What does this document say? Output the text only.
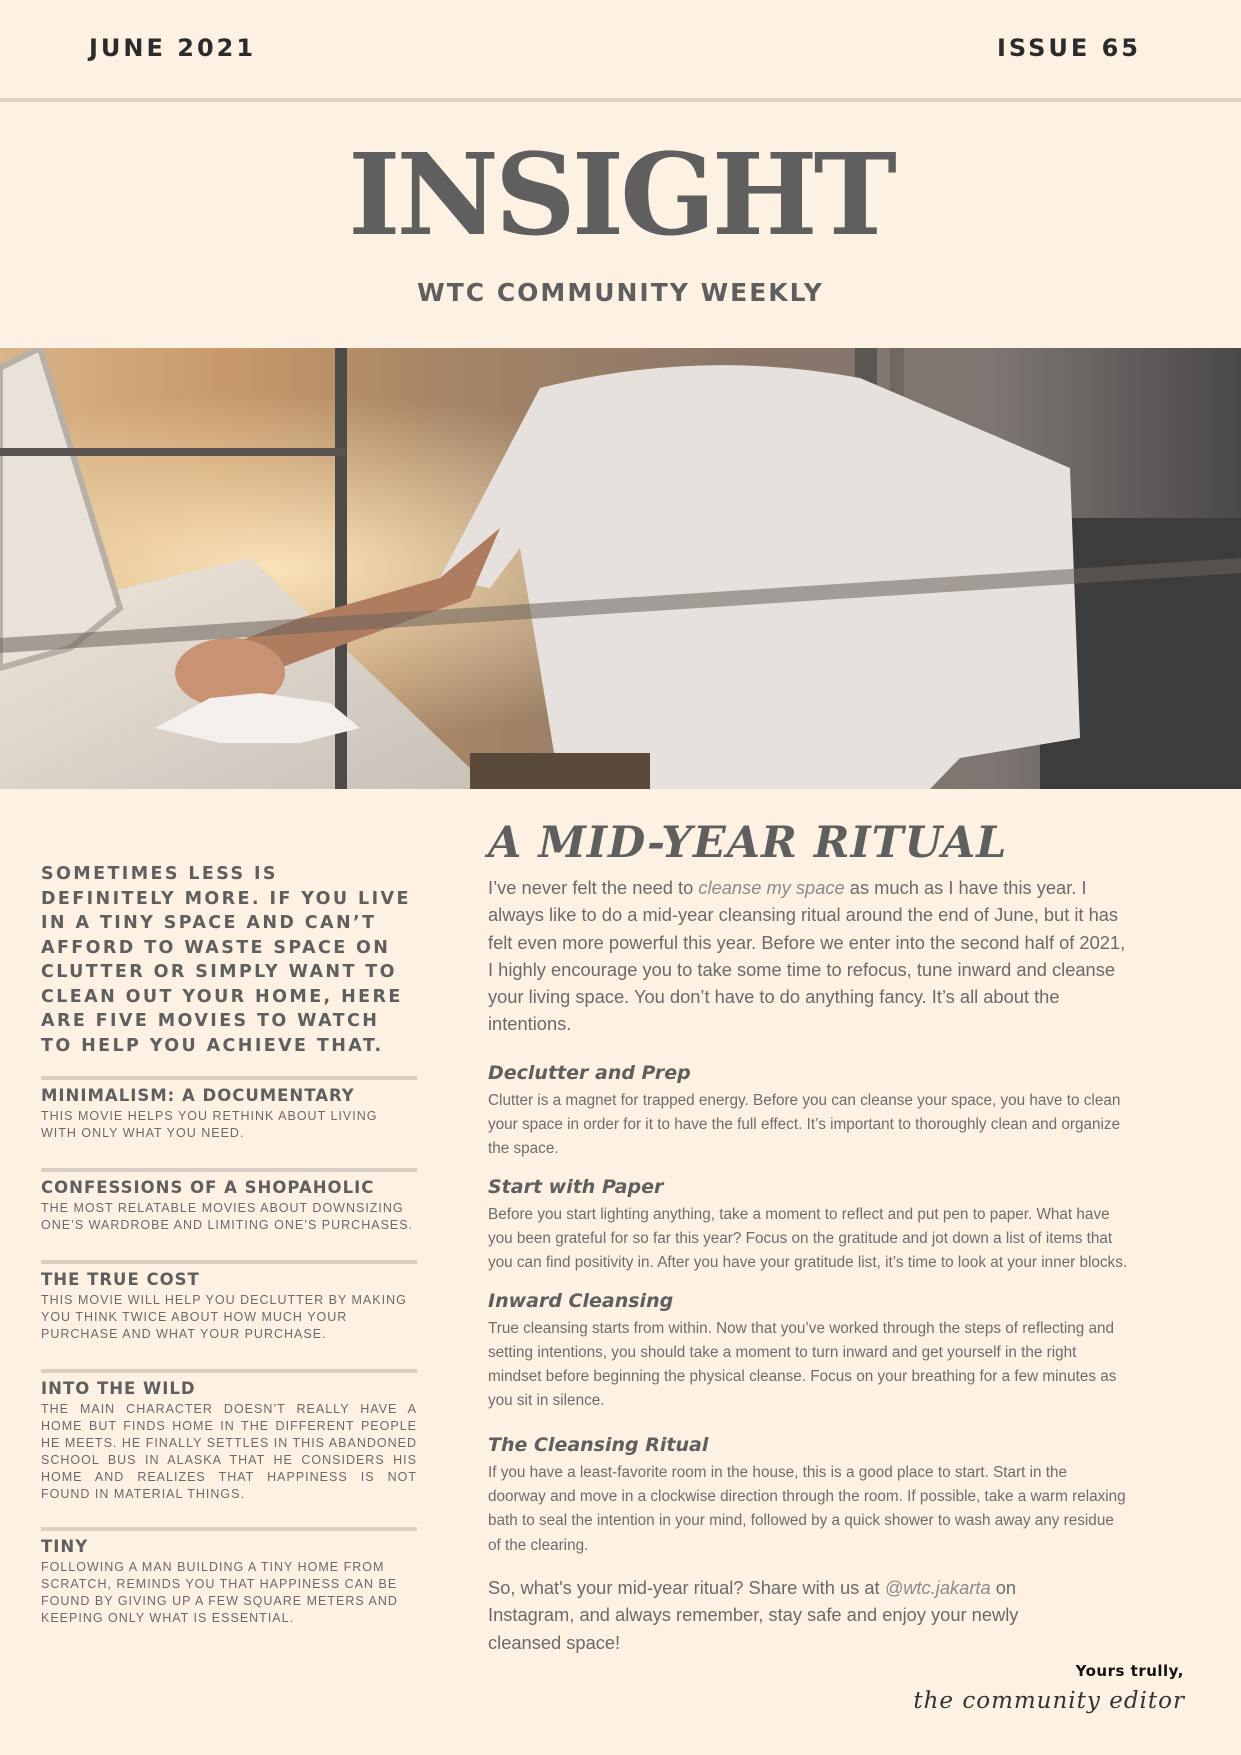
JUNE 2021	ISSUE 65
INSIGHT
WTC COMMUNITY WEEKLY
SOMETIMES LESS IS DEFINITELY MORE. IF YOU LIVE IN A TINY SPACE AND CAN’T AFFORD TO WASTE SPACE ON CLUTTER OR SIMPLY WANT TO CLEAN OUT YOUR HOME, HERE ARE FIVE MOVIES TO WATCH TO HELP YOU ACHIEVE THAT.
MINIMALISM: A DOCUMENTARY
THIS MOVIE HELPS YOU RETHINK ABOUT LIVING WITH ONLY WHAT YOU NEED.
CONFESSIONS OF A SHOPAHOLIC
THE MOST RELATABLE MOVIES ABOUT DOWNSIZING ONE’S WARDROBE AND LIMITING ONE’S PURCHASES.
THE TRUE COST
THIS MOVIE WILL HELP YOU DECLUTTER BY MAKING YOU THINK TWICE ABOUT HOW MUCH YOUR PURCHASE AND WHAT YOUR PURCHASE.
INTO THE WILD
THE MAIN CHARACTER DOESN’T REALLY HAVE A HOME BUT FINDS HOME IN THE DIFFERENT PEOPLE HE MEETS. HE FINALLY SETTLES IN THIS ABANDONED SCHOOL BUS IN ALASKA THAT HE CONSIDERS HIS HOME AND REALIZES THAT HAPPINESS IS NOT FOUND IN MATERIAL THINGS.
TINY
FOLLOWING A MAN BUILDING A TINY HOME FROM SCRATCH, REMINDS YOU THAT HAPPINESS CAN BE FOUND BY GIVING UP A FEW SQUARE METERS AND KEEPING ONLY WHAT IS ESSENTIAL.
A MID-YEAR RITUAL
I’ve never felt the need to cleanse my space as much as I have this year. I always like to do a mid-year cleansing ritual around the end of June, but it has felt even more powerful this year. Before we enter into the second half of 2021, I highly encourage you to take some time to refocus, tune inward and cleanse your living space. You don’t have to do anything fancy. It’s all about the intentions.
Declutter and Prep
Clutter is a magnet for trapped energy. Before you can cleanse your space, you have to clean your space in order for it to have the full effect. It’s important to thoroughly clean and organize the space.
Start with Paper
Before you start lighting anything, take a moment to reflect and put pen to paper. What have you been grateful for so far this year? Focus on the gratitude and jot down a list of items that you can find positivity in. After you have your gratitude list, it’s time to look at your inner blocks.
Inward Cleansing
True cleansing starts from within. Now that you’ve worked through the steps of reflecting and setting intentions, you should take a moment to turn inward and get yourself in the right mindset before beginning the physical cleanse. Focus on your breathing for a few minutes as you sit in silence.
The Cleansing Ritual
If you have a least-favorite room in the house, this is a good place to start. Start in the doorway and move in a clockwise direction through the room. If possible, take a warm relaxing bath to seal the intention in your mind, followed by a quick shower to wash away any residue of the clearing.
So, what's your mid-year ritual? Share with us at @wtc.jakarta on Instagram, and always remember, stay safe and enjoy your newly cleansed space!
Yours trully,
the community editor
